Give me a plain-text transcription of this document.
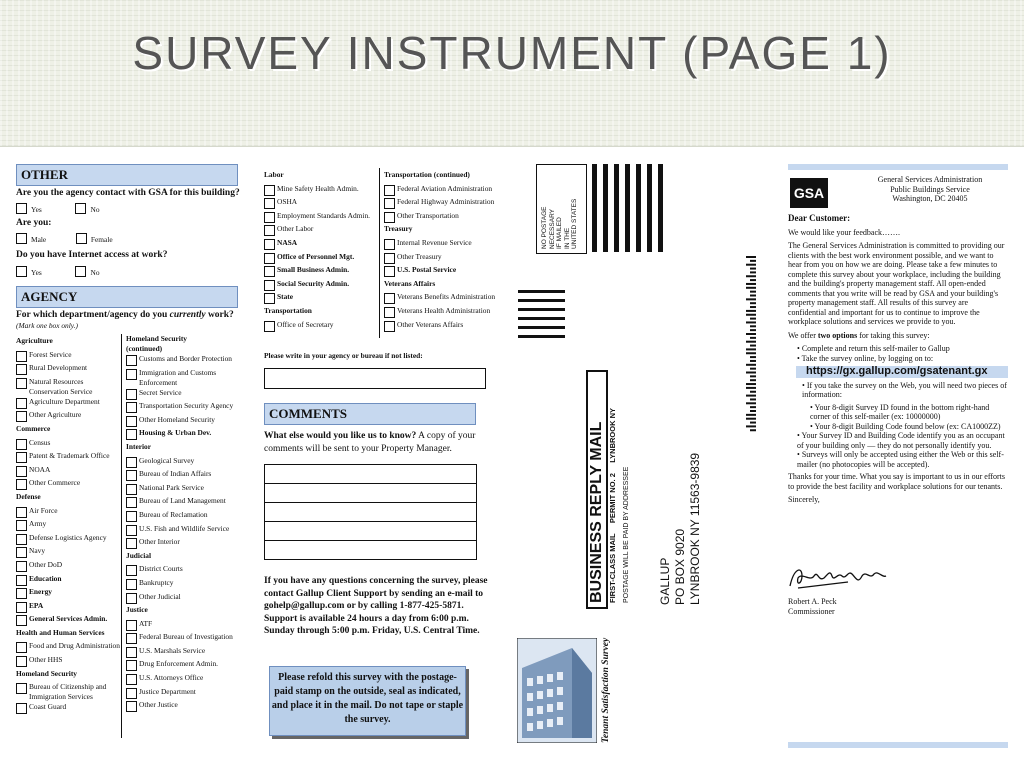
SURVEY INSTRUMENT (PAGE 1)
OTHER
Are you the agency contact with GSA for this building?
Yes	No
Are you:
Male	Female
Do you have Internet access at work?
Yes	No
AGENCY
For which department/agency do you currently work?
(Mark one box only.)
Agriculture
Forest Service
Rural Development
Natural Resources
Conservation Service
Agriculture Department
Other Agriculture
Commerce
Census
Patent & Trademark Office
NOAA
Other Commerce
Defense
Air Force
Army
Defense Logistics Agency
Navy
Other DoD
Education
Energy
EPA
General Services Admin.
Health and Human Services
Food and Drug Administration
Other HHS
Homeland Security
Bureau of Citizenship and
Immigration Services
Coast Guard
Homeland Security
(continued)
Customs and Border Protection
Immigration and Customs
Enforcement
Secret Service
Transportation Security Agency
Other Homeland Security
Housing & Urban Dev.
Interior
Geological Survey
Bureau of Indian Affairs
National Park Service
Bureau of Land Management
Bureau of Reclamation
U.S. Fish and Wildlife Service
Other Interior
Judicial
District Courts
Bankruptcy
Other Judicial
Justice
ATF
Federal Bureau of Investigation
U.S. Marshals Service
Drug Enforcement Admin.
U.S. Attorneys Office
Justice Department
Other Justice
Labor
Mine Safety Health Admin.
OSHA
Employment Standards Admin.
Other Labor
NASA
Office of Personnel Mgt.
Small Business Admin.
Social Security Admin.
State
Transportation
Office of Secretary
Transportation (continued)
Federal Aviation Administration
Federal Highway Administration
Other Transportation
Treasury
Internal Revenue Service
Other Treasury
U.S. Postal Service
Veterans Affairs
Veterans Benefits Administration
Veterans Health Administration
Other Veterans Affairs
Please write in your agency or bureau if not listed:
COMMENTS
What else would you like us to know? A copy of your comments will be sent to your Property Manager.
If you have any questions concerning the survey, please contact Gallup Client Support by sending an e-mail to gohelp@gallup.com or by calling 1-877-425-5871. Support is available 24 hours a day from 6:00 p.m. Sunday through 5:00 p.m. Friday, U.S. Central Time.
Please refold this survey with the postage-paid stamp on the outside, seal as indicated, and place it in the mail. Do not tape or staple the survey.
NO POSTAGE
NECESSARY
IF MAILED
IN THE
UNITED STATES
BUSINESS REPLY MAIL FIRST-CLASS MAIL     PERMIT NO. 2     LYNBROOK NY POSTAGE WILL BE PAID BY ADDRESSEE GALLUP PO BOX 9020 LYNBROOK NY 11563-9839
Tenant Satisfaction Survey
GSA
General Services Administration
Public Buildings Service
Washington, DC 20405

Dear Customer:

We would like your feedback…….

The General Services Administration is committed to providing our clients with the best work environment possible, and we want to hear from you on how we are doing. Please take a few minutes to complete this survey about your workplace, including the building and the building's property management staff. All open-ended comments that you write will be read by GSA and your building's property management staff. All results of this survey are confidential and important for us to continue to improve the workplace solutions and services we provide to you.

We offer two options for taking this survey:

• Complete and return this self-mailer to Gallup
• Take the survey online, by logging on to:
https://gx.gallup.com/gsatenant.gx
• If you take the survey on the Web, you will need two pieces of information:
• Your 8-digit Survey ID found in the bottom right-hand corner of this self-mailer (ex: 10000000)
• Your 8-digit Building Code found below (ex: CA1000ZZ)
• Your Survey ID and Building Code identify you as an occupant of your building only — they do not personally identify you.
• Surveys will only be accepted using either the Web or this self-mailer (no photocopies will be accepted).

Thanks for your time. What you say is important to us in our efforts to provide the best facility and workplace solutions for our tenants.

Sincerely,

Robert A. Peck
Commissioner
